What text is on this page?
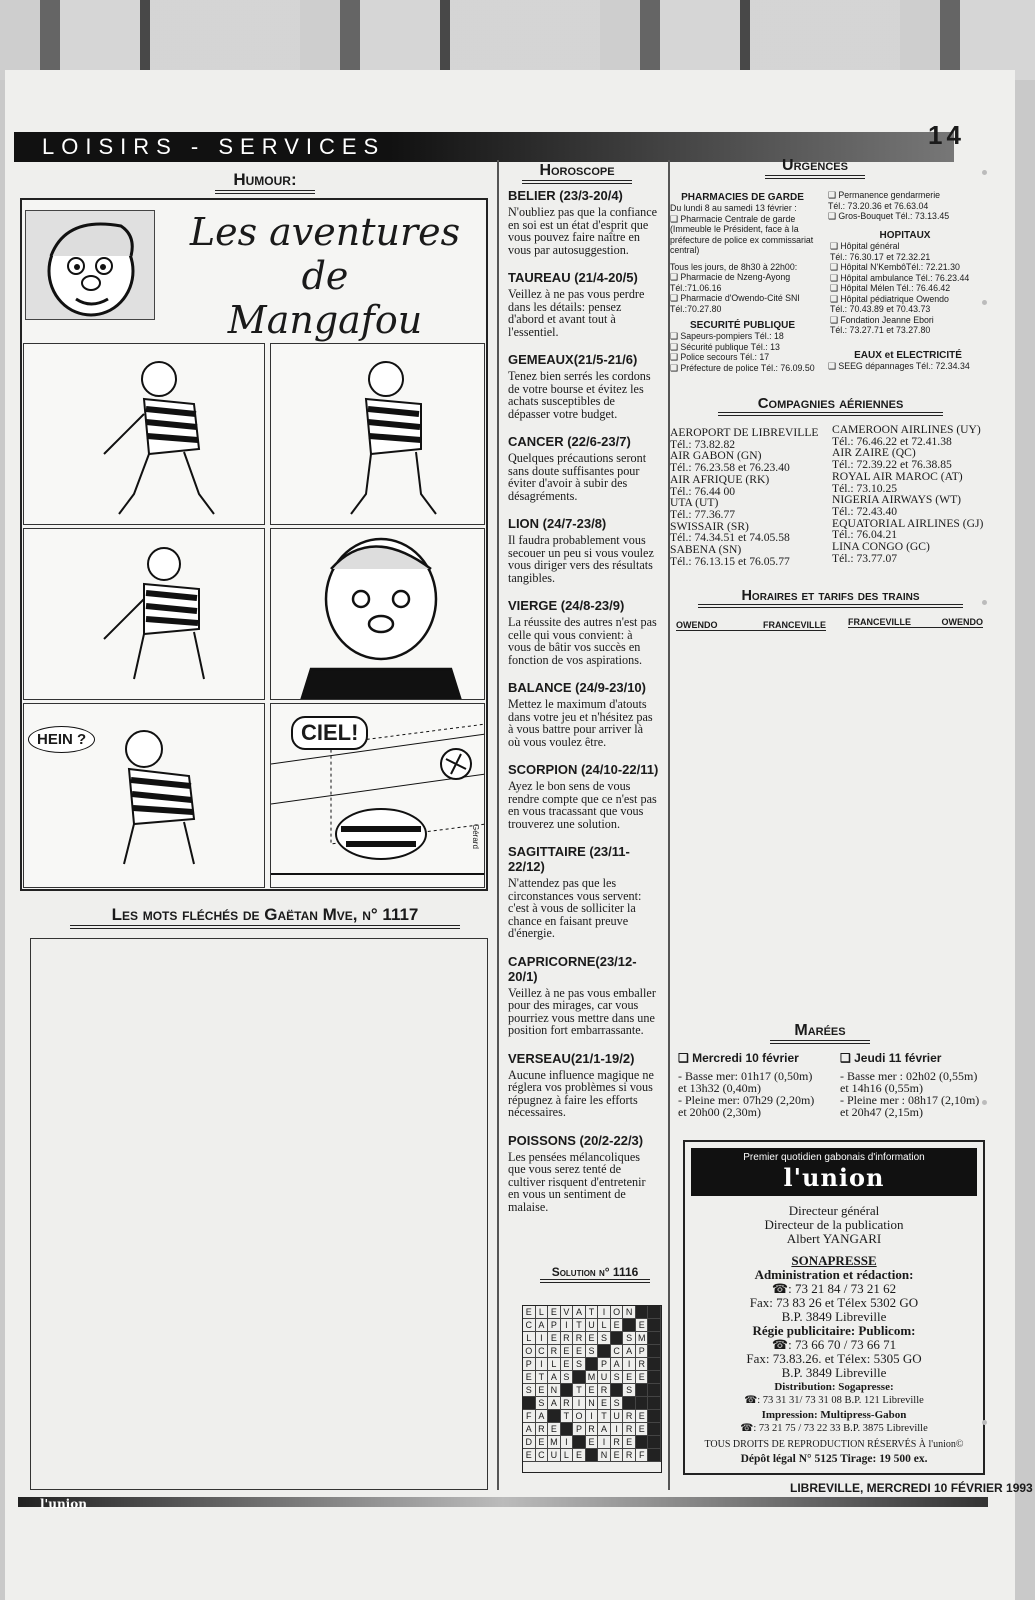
LOISIRS - SERVICES	14
Humour:
Les aventures de
Mangafou
HEIN ?	CIEL!
Gérard
Les mots fléchés de Gaëtan Mve, n° 1117
Horoscope
BELIER (23/3-20/4)
N'oubliez pas que la confiance en soi est un état d'esprit que vous pouvez faire naître en vous par autosuggestion.
TAUREAU (21/4-20/5)
Veillez à ne pas vous perdre dans les détails: pensez d'abord et avant tout à l'essentiel.
GEMEAUX(21/5-21/6)
Tenez bien serrés les cordons de votre bourse et évitez les achats susceptibles de dépasser votre budget.
CANCER (22/6-23/7)
Quelques précautions seront sans doute suffisantes pour éviter d'avoir à subir des désagréments.
LION (24/7-23/8)
Il faudra probablement vous secouer un peu si vous voulez vous diriger vers des résultats tangibles.
VIERGE (24/8-23/9)
La réussite des autres n'est pas celle qui vous convient: à vous de bâtir vos succès en fonction de vos aspirations.
BALANCE (24/9-23/10)
Mettez le maximum d'atouts dans votre jeu et n'hésitez pas à vous battre pour arriver là où vous voulez être.
SCORPION (24/10-22/11)
Ayez le bon sens de vous rendre compte que ce n'est pas en vous tracassant que vous trouverez une solution.
SAGITTAIRE (23/11-22/12)
N'attendez pas que les circonstances vous servent: c'est à vous de solliciter la chance en faisant preuve d'énergie.
CAPRICORNE(23/12-20/1)
Veillez à ne pas vous emballer pour des mirages, car vous pourriez vous mettre dans une position fort embarrassante.
VERSEAU(21/1-19/2)
Aucune influence magique ne réglera vos problèmes si vous répugnez à faire les efforts nécessaires.
POISSONS (20/2-22/3)
Les pensées mélancoliques que vous serez tenté de cultiver risquent d'entretenir en vous un sentiment de malaise.
Solution n° 1116
E L E V A T I O N
C A P I T U L E	E
L I E R R E S	S M
O C R E E S	C A P
P I L E S	P A I R
E T A S	M U S E E
S E N	T E R	S
S A R I N E S
F A	T O I T U R E
A R E	P R A I R E
D E M I	E I R E
E C U L E	N E R F
Urgences
PHARMACIES DE GARDE
Du lundi 8 au samedi 13 février :
❑ Pharmacie Centrale de garde
(Immeuble le Président, face à la préfecture de police ex commissariat central)
Tous les jours, de 8h30 à 22h00:
❑ Pharmacie de Nzeng-Ayong
Tél.:71.06.16
❑ Pharmacie d'Owendo-Cité SNI
Tél.:70.27.80
SECURITÉ PUBLIQUE
❑ Sapeurs-pompiers Tél.: 18
❑ Sécurité publique Tél.: 13
❑ Police secours Tél.: 17
❑ Préfecture de police Tél.: 76.09.50
❑ Permanence gendarmerie
Tél.: 73.20.36 et 76.63.04
❑ Gros-Bouquet Tél.: 73.13.45
HOPITAUX
❑ Hôpital général
Tél.: 76.30.17 et 72.32.21
❑ Hôpital N'KembôTél.: 72.21.30
❑ Hôpital ambulance Tél.: 76.23.44
❑ Hôpital Mélen Tél.: 76.46.42
❑ Hôpital pédiatrique Owendo
Tél.: 70.43.89 et 70.43.73
❑ Fondation Jeanne Ebori
Tél.: 73.27.71 et 73.27.80
EAUX et ELECTRICITÉ
❑ SEEG dépannages Tél.: 72.34.34
Compagnies aériennes
AEROPORT DE LIBREVILLE
Tél.: 73.82.82
AIR GABON (GN)
Tél.: 76.23.58 et 76.23.40
AIR AFRIQUE (RK)
Tél.: 76.44 00
UTA (UT)
Tél.: 77.36.77
SWISSAIR (SR)
Tél.: 74.34.51 et 74.05.58
SABENA (SN)
Tél.: 76.13.15 et 76.05.77
CAMEROON AIRLINES (UY)
Tél.: 76.46.22 et 72.41.38
AIR ZAIRE (QC)
Tél.: 72.39.22 et 76.38.85
ROYAL AIR MAROC (AT)
Tél.: 73.10.25
NIGERIA AIRWAYS (WT)
Tél.: 72.43.40
EQUATORIAL AIRLINES (GJ)
Tél.: 76.04.21
LINA CONGO (GC)
Tél.: 73.77.07
Horaires et tarifs des trains
OWENDO	FRANCEVILLE FRANCEVILLE	OWENDO
Marées
❑ Mercredi 10 février
- Basse mer: 01h17 (0,50m)
et 13h32 (0,40m)
- Pleine mer: 07h29 (2,20m)
et 20h00 (2,30m)
❑ Jeudi 11 février
- Basse mer : 02h02 (0,55m)
et 14h16 (0,55m)
- Pleine mer : 08h17 (2,10m)
et 20h47 (2,15m)
Premier quotidien gabonais d'information
l'union
Directeur général
Directeur de la publication
Albert YANGARI
SONAPRESSE
Administration et rédaction:
☎: 73 21 84 / 73 21 62
Fax: 73 83 26 et Télex 5302 GO
B.P. 3849 Libreville
Régie publicitaire: Publicom:
☎: 73 66 70 / 73 66 71
Fax: 73.83.26. et Télex: 5305 GO
B.P. 3849 Libreville
Distribution: Sogapresse:
☎: 73 31 31/ 73 31 08 B.P. 121 Libreville
Impression: Multipress-Gabon
☎: 73 21 75 / 73 22 33 B.P. 3875 Libreville
TOUS DROITS DE REPRODUCTION RÉSERVÉS À l'union©
Dépôt légal N° 5125 Tirage: 19 500 ex.
l'union
LIBREVILLE, MERCREDI 10 FÉVRIER 1993
